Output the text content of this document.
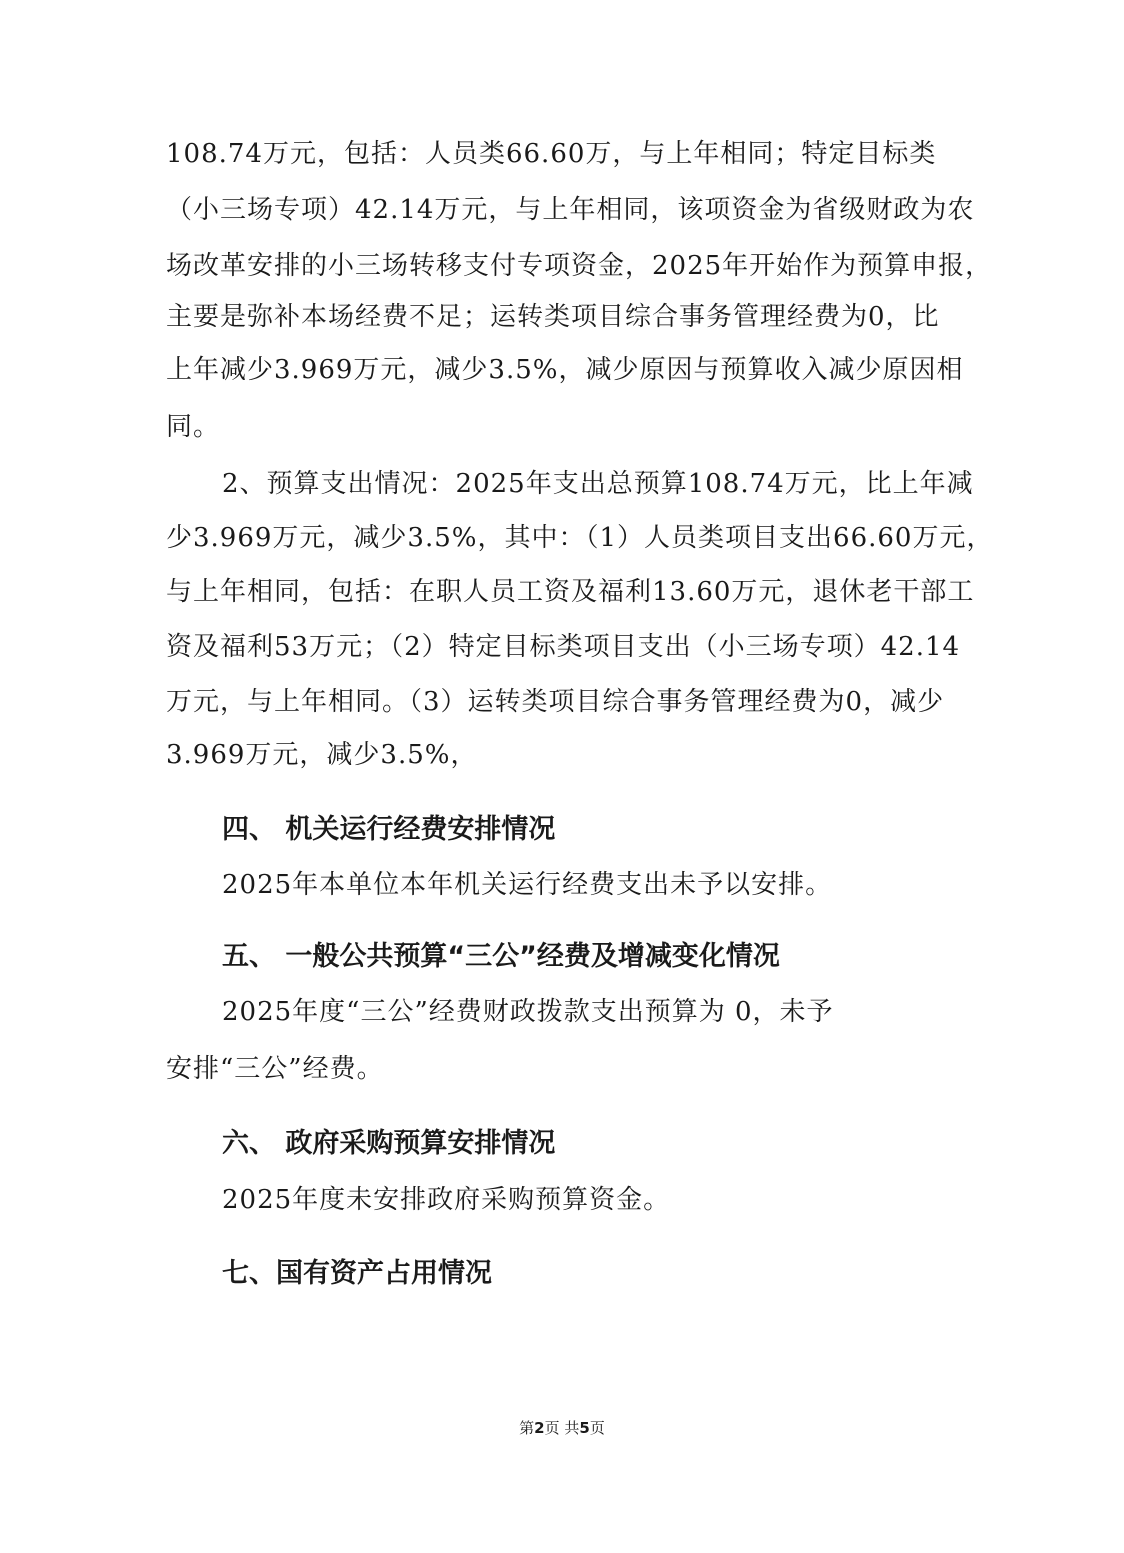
108.74万元，包括：人员类66.60万，与上年相同；特定目标类
（小三场专项）42.14万元，与上年相同，该项资金为省级财政为农
场改革安排的小三场转移支付专项资金，2025年开始作为预算申报，
主要是弥补本场经费不足；运转类项目综合事务管理经费为0，比
上年减少3.969万元，减少3.5%，减少原因与预算收入减少原因相
同。
2、预算支出情况：2025年支出总预算108.74万元，比上年减
少3.969万元，减少3.5%，其中：（1）人员类项目支出66.60万元，
与上年相同，包括：在职人员工资及福利13.60万元，退休老干部工
资及福利53万元；（2）特定目标类项目支出（小三场专项）42.14
万元，与上年相同。（3）运转类项目综合事务管理经费为0，减少
3.969万元，减少3.5%，
四、 机关运行经费安排情况
2025年本单位本年机关运行经费支出未予以安排。
五、 一般公共预算“三公”经费及增减变化情况
2025年度“三公”经费财政拨款支出预算为 0，未予
安排“三公”经费。
六、 政府采购预算安排情况
2025年度未安排政府采购预算资金。
七、国有资产占用情况
第2页 共5页
